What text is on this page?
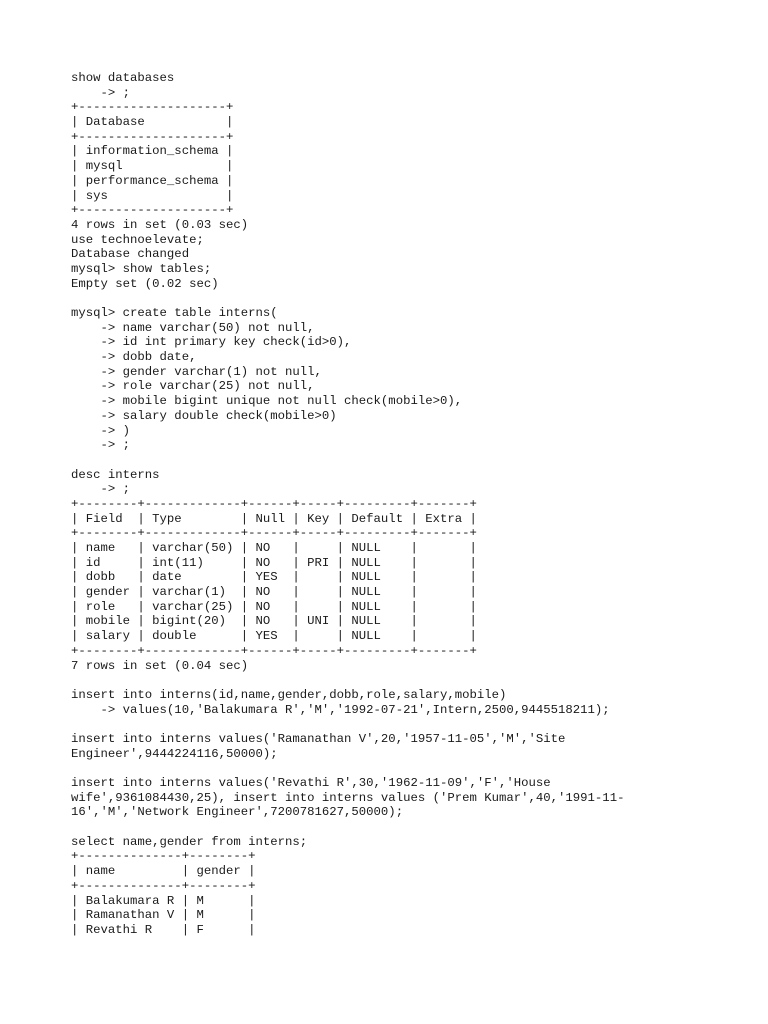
show databases
-> ;
+--------------------+
| Database           |
+--------------------+
| information_schema |
| mysql              |
| performance_schema |
| sys                |
+--------------------+
4 rows in set (0.03 sec)
use technoelevate;
Database changed
mysql> show tables;
Empty set (0.02 sec)
mysql> create table interns(
-> name varchar(50) not null,
-> id int primary key check(id>0),
-> dobb date,
-> gender varchar(1) not null,
-> role varchar(25) not null,
-> mobile bigint unique not null check(mobile>0),
-> salary double check(mobile>0)
-> )
-> ;
desc interns
-> ;
+--------+-------------+------+-----+---------+-------+
| Field  | Type        | Null | Key | Default | Extra |
+--------+-------------+------+-----+---------+-------+
| name   | varchar(50) | NO   |     | NULL    |       |
| id     | int(11)     | NO   | PRI | NULL    |       |
| dobb   | date        | YES  |     | NULL    |       |
| gender | varchar(1)  | NO   |     | NULL    |       |
| role   | varchar(25) | NO   |     | NULL    |       |
| mobile | bigint(20)  | NO   | UNI | NULL    |       |
| salary | double      | YES  |     | NULL    |       |
+--------+-------------+------+-----+---------+-------+
7 rows in set (0.04 sec)
insert into interns(id,name,gender,dobb,role,salary,mobile)
-> values(10,'Balakumara R','M','1992-07-21',Intern,2500,9445518211);
insert into interns values('Ramanathan V',20,'1957-11-05','M','Site
Engineer',9444224116,50000);
insert into interns values('Revathi R',30,'1962-11-09','F','House
wife',9361084430,25), insert into interns values ('Prem Kumar',40,'1991-11-
16','M','Network Engineer',7200781627,50000);
select name,gender from interns;
+--------------+--------+
| name         | gender |
+--------------+--------+
| Balakumara R | M      |
| Ramanathan V | M      |
| Revathi R    | F      |
